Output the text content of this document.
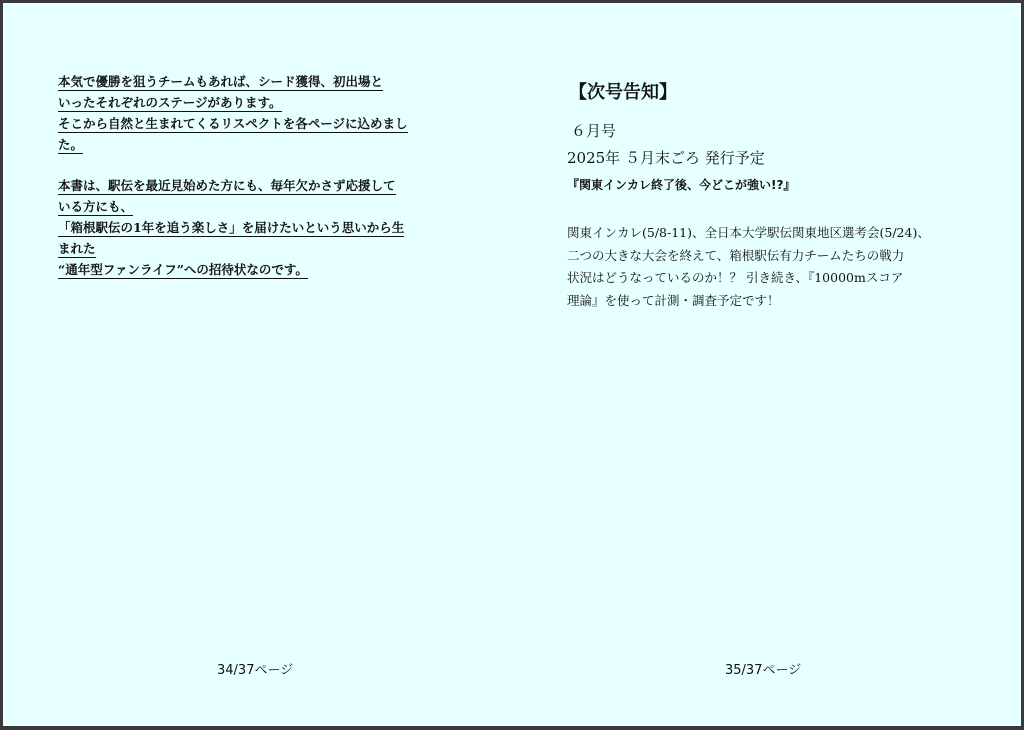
本気で優勝を狙うチームもあれば、シード獲得、初出場と
いったそれぞれのステージがあります。
そこから自然と生まれてくるリスペクトを各ページに込めまし
た。
本書は、駅伝を最近見始めた方にも、毎年欠かさず応援して
いる方にも、
「箱根駅伝の1年を追う楽しさ」を届けたいという思いから生
まれた
“通年型ファンライフ”への招待状なのです。
34/37ページ
【次号告知】
６月号
2025年 ５月末ごろ 発行予定
『関東インカレ終了後、今どこが強い!?』
関東インカレ(5/8-11)、全日本大学駅伝関東地区選考会(5/24)、
二つの大きな大会を終えて、箱根駅伝有力チームたちの戦力
状況はどうなっているのか！？ 引き続き、『10000mスコア
理論』を使って計測・調査予定です！
35/37ページ
